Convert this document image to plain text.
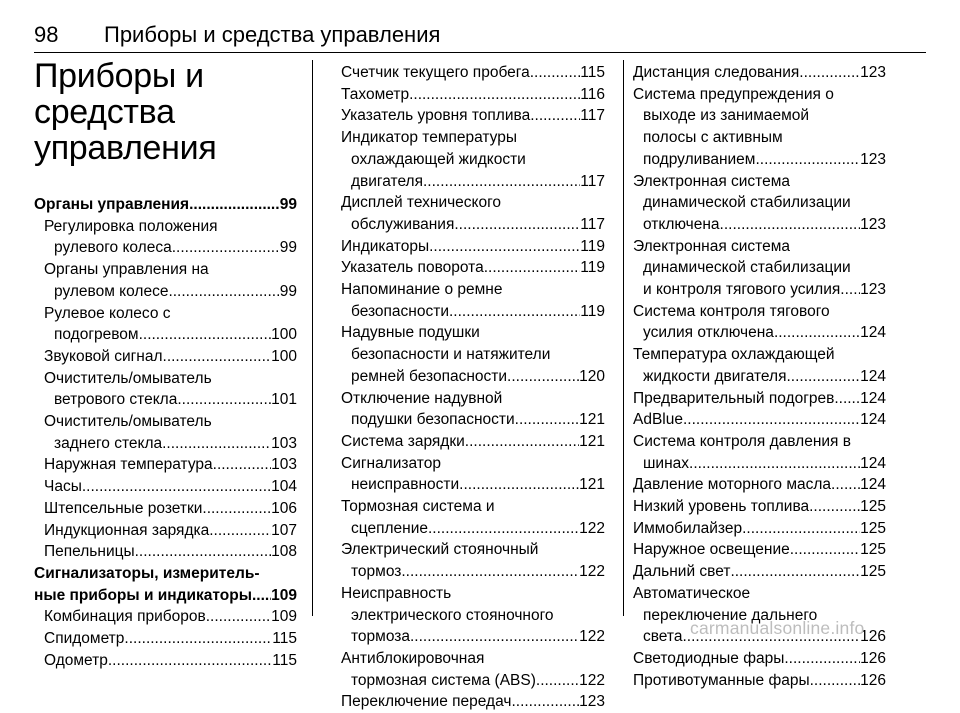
98 Приборы и средства управления
Приборы и
средства
управления
Органы управления .....	99
Регулировка положения
рулевого колеса .....	99
Органы управления на
рулевом колесе .....	99
Рулевое колесо с
подогревом .....	100
Звуковой сигнал .....	100
Очиститель/омыватель
ветрового стекла .....	101
Очиститель/омыватель
заднего стекла .....	103
Наружная температура .....	103
Часы .....	104
Штепсельные розетки .....	106
Индукционная зарядка .....	107
Пепельницы .....	108
Сигнализаторы, измеритель-
ные приборы и индикаторы ..... 109
Комбинация приборов .....	109
Спидометр .....	115
Одометр .....	115
Счетчик текущего пробега .....	115
Тахометр .....	116
Указатель уровня топлива .....	117
Индикатор температуры
охлаждающей жидкости
двигателя .....	117
Дисплей технического
обслуживания .....	117
Индикаторы .....	119
Указатель поворота .....	119
Напоминание о ремне
безопасности .....	119
Надувные подушки
безопасности и натяжители
ремней безопасности .....	120
Отключение надувной
подушки безопасности .....	121
Система зарядки .....	121
Сигнализатор
неисправности .....	121
Тормозная система и
сцепление .....	122
Электрический стояночный
тормоз .....	122
Неисправность
электрического стояночного
тормоза .....	122
Антиблокировочная
тормозная система (ABS) .....	122
Переключение передач .....	123
Дистанция следования .....	123
Система предупреждения о
выходе из занимаемой
полосы с активным
подруливанием .....	123
Электронная система
динамической стабилизации
отключена .....	123
Электронная система
динамической стабилизации
и контроля тягового усилия ..... 123
Система контроля тягового
усилия отключена .....	124
Температура охлаждающей
жидкости двигателя .....	124
Предварительный подогрев ..... 124
AdBlue .....	124
Система контроля давления в
шинах .....	124
Давление моторного масла ..... 124
Низкий уровень топлива .....	125
Иммобилайзер .....	125
Наружное освещение .....	125
Дальний свет .....	125
Автоматическое
переключение дальнего
света .....	126
Светодиодные фары .....	126
Противотуманные фары .....	126
carmanualsonline.info
